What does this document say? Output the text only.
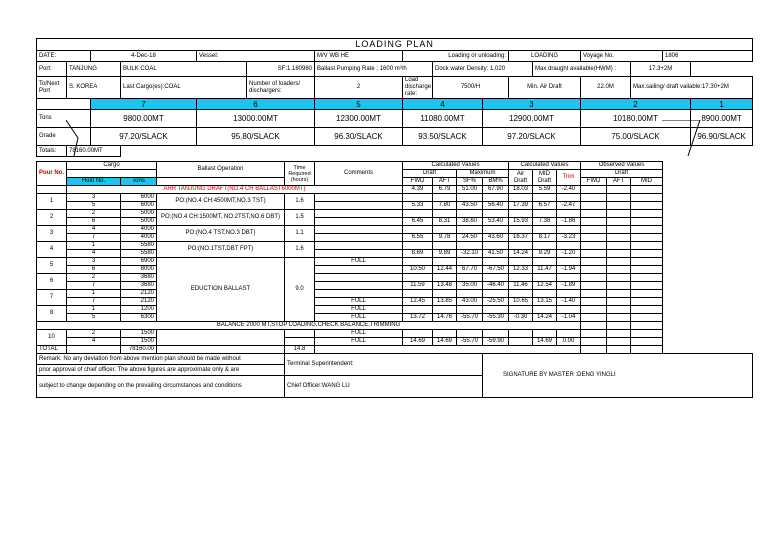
LOADING PLAN																				
DATE:		4-Dec-18			Vessel:			M/V WB HE	Loading or unloading:				LOADING			Voyage No.			1806	
Port:	TANJUNG		BULK COAL			SF:1.180980		Ballast Pumping Rate : 1600 m³/h		Dock water Density: 1.020				Max draught available(HWM) :				17.3+2M		
To/Next Port	S. KOREA		Last Cargo(es):COAL			Number of loaders/ dischargers:		2	Load discharge rate:	7500/H			Min. Air Draft			22.0M		Max.sailing/ draft vailable:17.30+2M		
		7			6			5	4			3				2				1
Tons		9800.00MT			13000.00MT			12300.00MT	11080.00MT			12900.00MT				10180.00MT				8900.00MT
Grade		97.20/SLACK			95.80/SLACK			96.30/SLACK	93.50/SLACK			97.20/SLACK				75.00/SLACK				96.90/SLACK
Totals:	78160.00MT																			

Pour No.	Cargo			Ballast Operation			Time Required (hours)	Comments	Calculated Values				Calculated Values			Observed Values				
									Draft		Maximum		Air Draft	MID Draft	Trim	Draft				
	Hold No.		Tons						FWD	AFT	SF%	BM%				FWD	AFT	MID		
	ARR TANJUNG DRAFT(NO.4 CH BALLAST6000MT)								4.39	6.79	51.00	67.90	18.03	5.59	-2.40					
1	3		6000	PO:(NO.4 CH:4500MT,NO.3 TST)			1.6													
	5		6000						5.33	7.80	43.50	56.40	17.39	6.57	-2.47					
2	2		5000	PO:(NO.4 CH:1500MT, NO.2TST,NO.6 DBT)			1.5													
	6		5000						6.45	8.31	38.60	53.40	15.93	7.38	-1.86					
3	4		4000	PO:(NO.4 TST,NO.3 DBT)			1.1													
	7		4000						6.55	9.78	24.50	43.60	16.37	8.17	-3.23					
4	1		5580	PO:(NO.1TST,DBT FPT)			1.6													
	4		5580						8.69	9.89	-32.10	41.50	14.24	9.29	-1.20					
5	3		6900	EDUCTION BALLAST			9.0	FULL												
	6		8000						10.50	12.44	67.70	-67.50	12.33	11.47	-1.94					
6	2		3680																	
	7		3680						11.59	13.48	35.00	-46.40	11.46	12.54	-1.89					
7	1		2120																	
	7		2120					FULL	12.45	13.85	43.00	-25.50	10.65	13.15	-1.40					
8	1		1200					FULL												
	5		6300					FULL	13.72	14.76	-55.70	-55.30	-0.30	14.24	-1.04					
BALANCE 2000 MT,STOP LOADING,CHECK BALANCE,TRIMMING																				
10	2		1500					FULL												
	4		1500					FULL	14.69	14.69	-55.70	-59.90		14.69	0.00					
TOTAL			78160.00				14.8													
Remark: No any deviation from above mention plan should be made without							Terminal Superintendent:					SIGNATURE BY MASTER :DENG YINGLI								
prior approval of chief officer. The above figures are approximate only & are																				
subject to change depending on the prevailing circumstances and conditions							Chief Officer:WANG LU													
